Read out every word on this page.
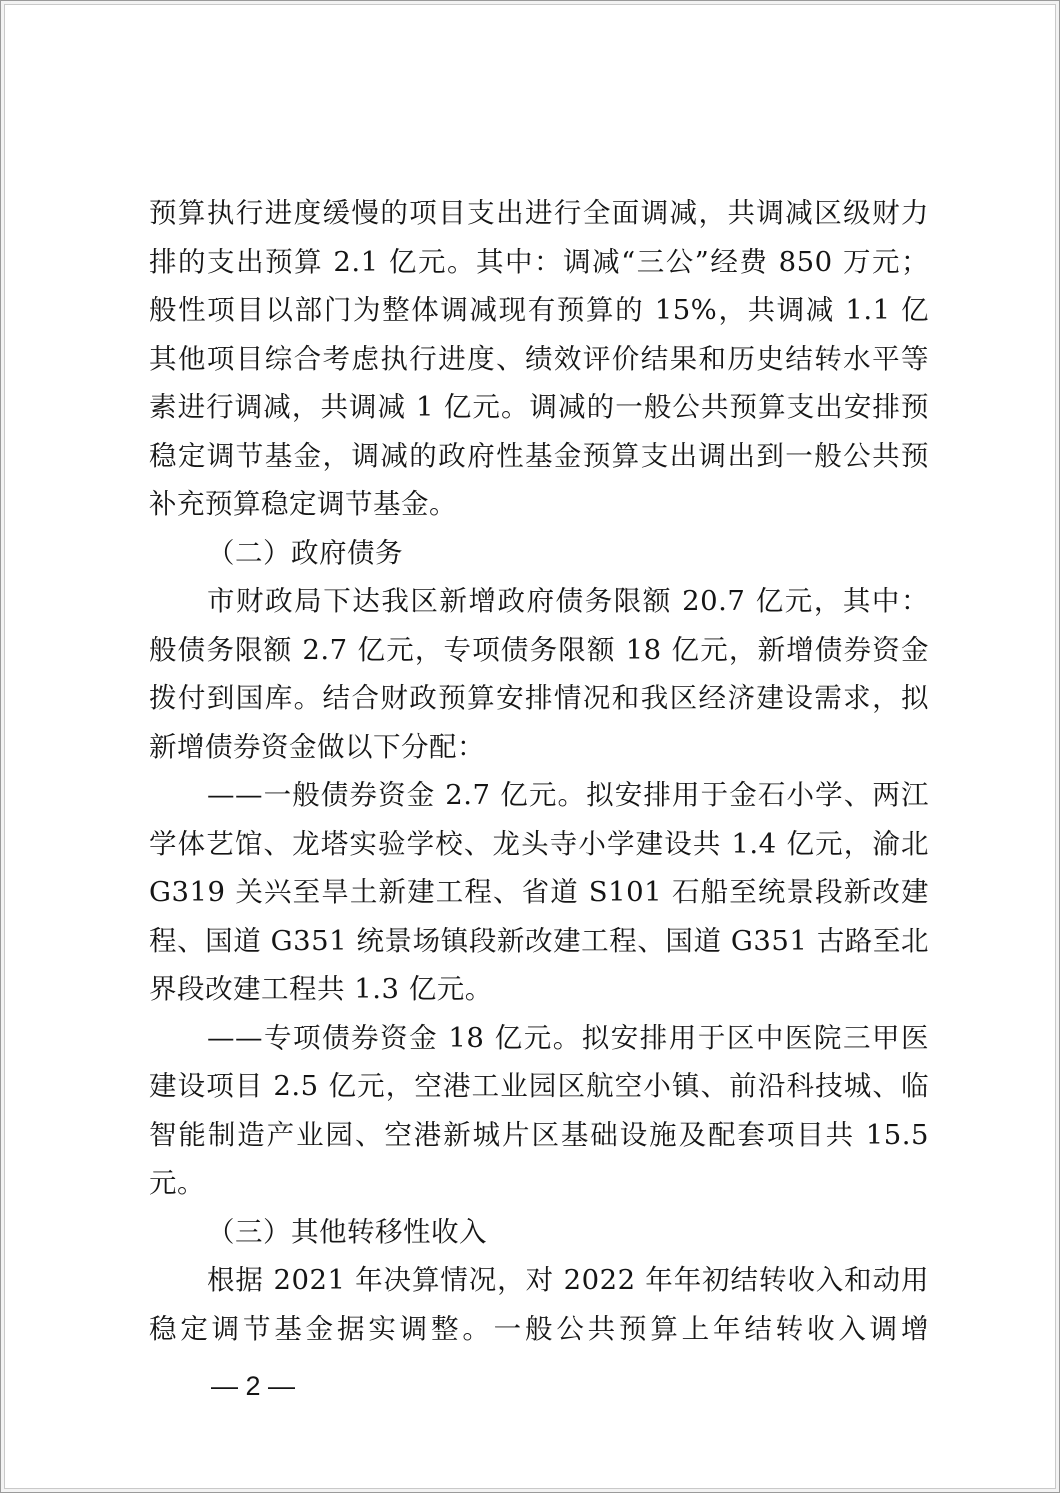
预算执行进度缓慢的项目支出进行全面调减，共调减区级财力
排的支出预算 2.1 亿元。其中：调减“三公”经费 850 万元；
般性项目以部门为整体调减现有预算的 15%，共调减 1.1 亿
其他项目综合考虑执行进度、绩效评价结果和历史结转水平等
素进行调减，共调减 1 亿元。调减的一般公共预算支出安排预
稳定调节基金，调减的政府性基金预算支出调出到一般公共预
补充预算稳定调节基金。
（二）政府债务
市财政局下达我区新增政府债务限额 20.7 亿元，其中：
般债务限额 2.7 亿元，专项债务限额 18 亿元，新增债券资金
拨付到国库。结合财政预算安排情况和我区经济建设需求，拟
新增债券资金做以下分配：
——一般债券资金 2.7 亿元。拟安排用于金石小学、两江
学体艺馆、龙塔实验学校、龙头寺小学建设共 1.4 亿元，渝北
G319 关兴至旱土新建工程、省道 S101 石船至统景段新改建
程、国道 G351 统景场镇段新改建工程、国道 G351 古路至北
界段改建工程共 1.3 亿元。
——专项债券资金 18 亿元。拟安排用于区中医院三甲医
建设项目 2.5 亿元，空港工业园区航空小镇、前沿科技城、临
智能制造产业园、空港新城片区基础设施及配套项目共 15.5
元。
（三）其他转移性收入
根据 2021 年决算情况，对 2022 年年初结转收入和动用
稳定调节基金据实调整。一般公共预算上年结转收入调增
— 2 —
